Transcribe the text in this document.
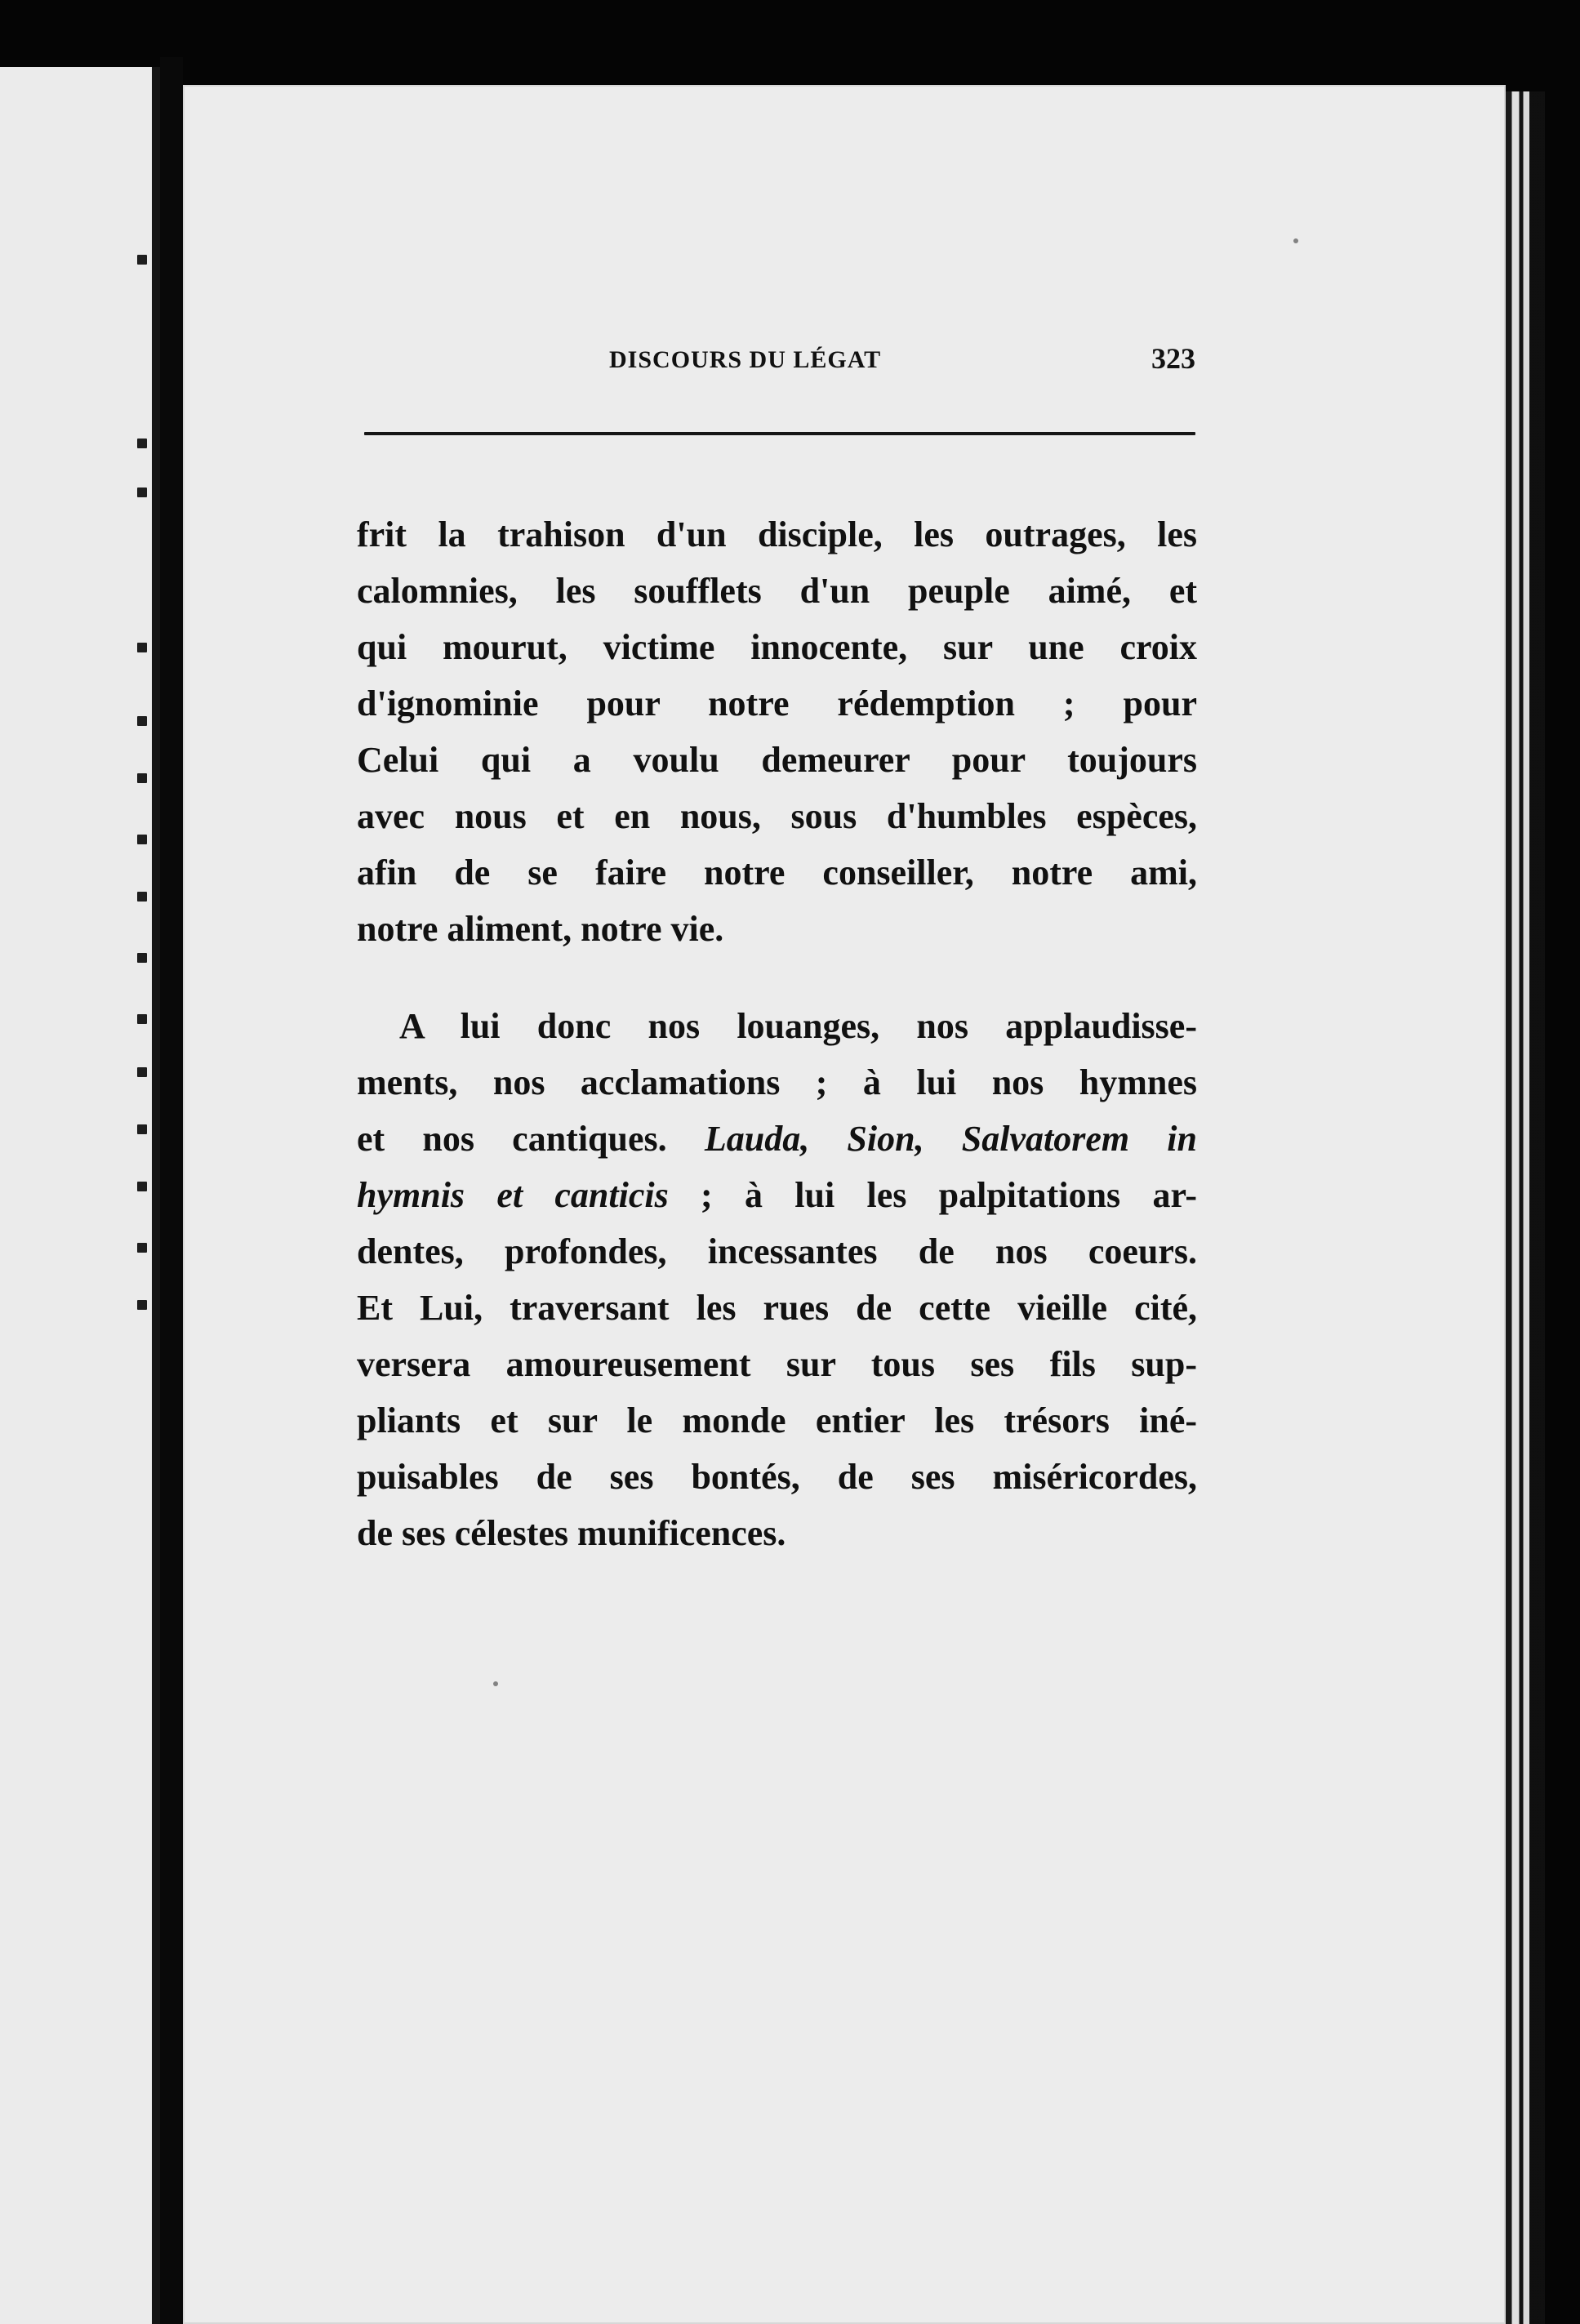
DISCOURS DU LÉGAT	323
frit la trahison d'un disciple, les outrages, les
calomnies, les soufflets d'un peuple aimé, et
qui mourut, victime innocente, sur une croix
d'ignominie pour notre rédemption ; pour
Celui qui a voulu demeurer pour toujours
avec nous et en nous, sous d'humbles espèces,
afin de se faire notre conseiller, notre ami,
notre aliment, notre vie.
A lui donc nos louanges, nos applaudisse-
ments, nos acclamations ; à lui nos hymnes
et nos cantiques. Lauda, Sion, Salvatorem in
hymnis et canticis ; à lui les palpitations ar-
dentes, profondes, incessantes de nos coeurs.
Et Lui, traversant les rues de cette vieille cité,
versera amoureusement sur tous ses fils sup-
pliants et sur le monde entier les trésors iné-
puisables de ses bontés, de ses miséricordes,
de ses célestes munificences.
